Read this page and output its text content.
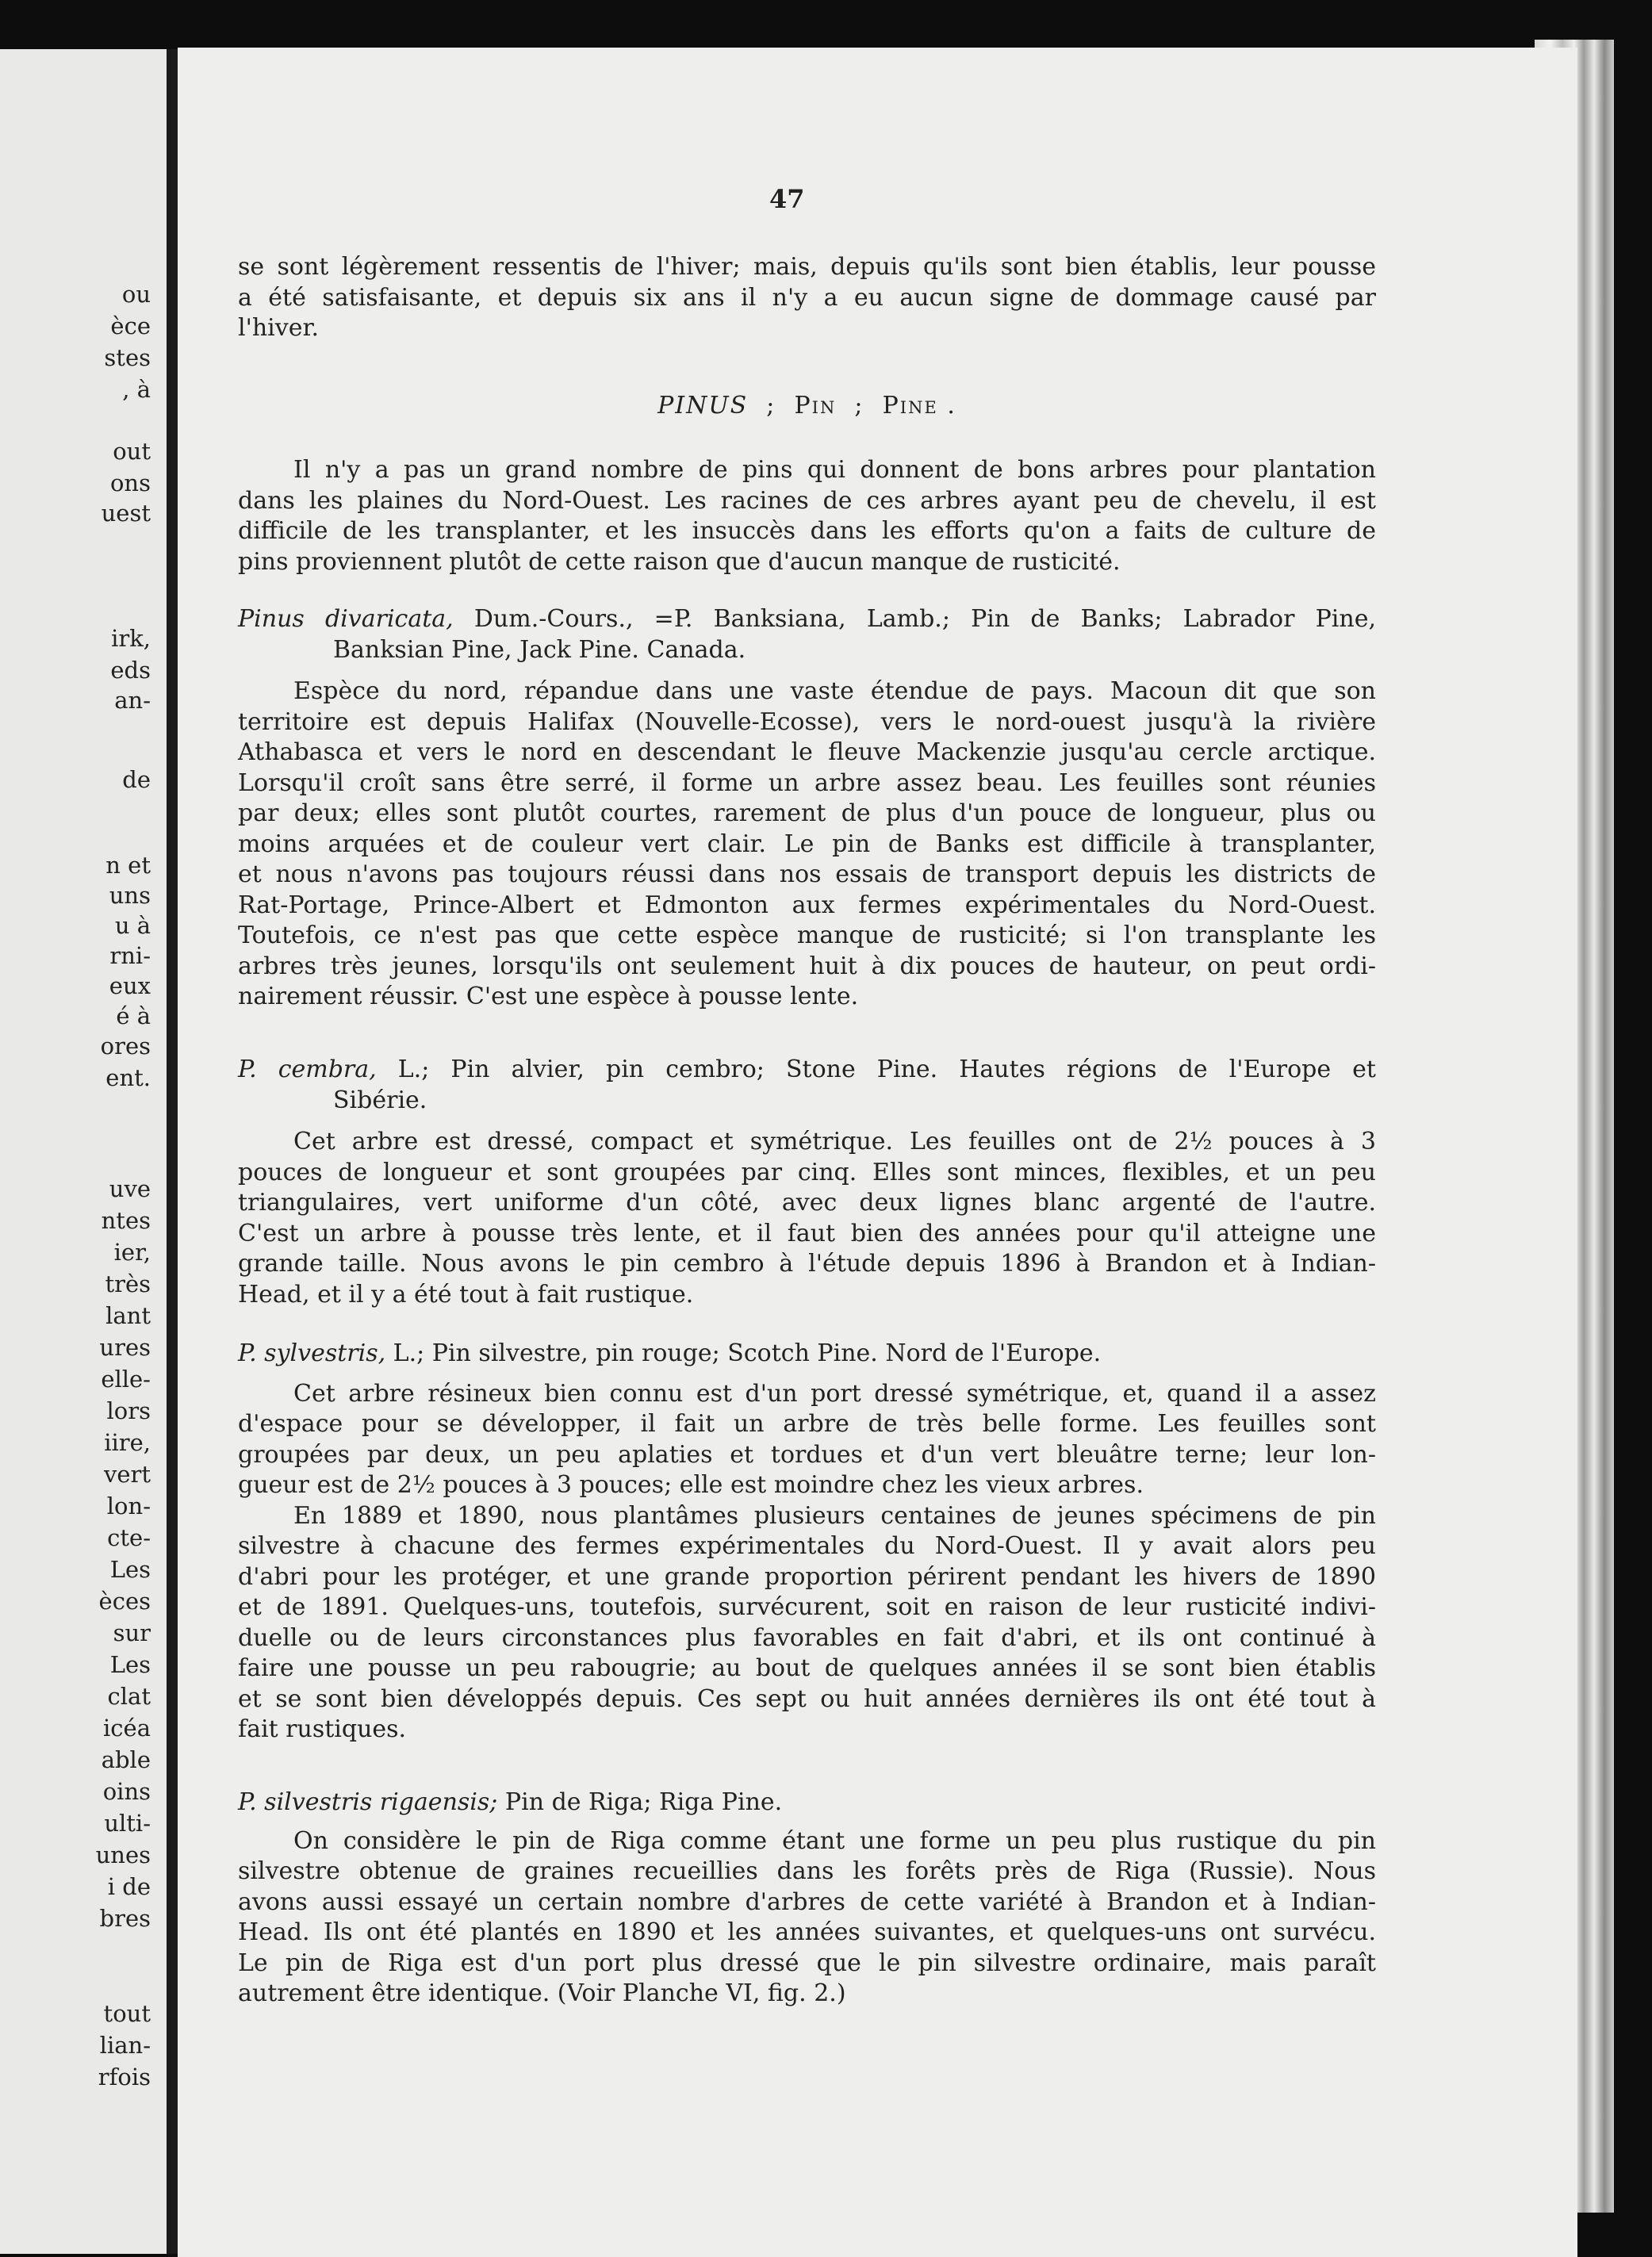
ou
èce
stes
, à
out
ons
uest
irk,
eds
an-
de
n et
uns
u à
rni-
eux
é à
ores
ent.
uve
ntes
ier,
très
lant
ures
elle-
lors
iire,
vert
lon-
cte-
Les
èces
sur
Les
clat
icéa
able
oins
ulti-
unes
i de
bres
tout
lian-
rfois
47
se sont légèrement ressentis de l'hiver; mais, depuis qu'ils sont bien établis, leur pousse
a été satisfaisante, et depuis six ans il n'y a eu aucun signe de dommage causé par
l'hiver.
PINUS  ;  Pin  ;  Pine .
Il n'y a pas un grand nombre de pins qui donnent de bons arbres pour plantation
dans les plaines du Nord-Ouest. Les racines de ces arbres ayant peu de chevelu, il est
difficile de les transplanter, et les insuccès dans les efforts qu'on a faits de culture de
pins proviennent plutôt de cette raison que d'aucun manque de rusticité.
Pinus divaricata, Dum.-Cours., =P. Banksiana, Lamb.; Pin de Banks; Labrador Pine,
Banksian Pine, Jack Pine. Canada.
Espèce du nord, répandue dans une vaste étendue de pays. Macoun dit que son
territoire est depuis Halifax (Nouvelle-Ecosse), vers le nord-ouest jusqu'à la rivière
Athabasca et vers le nord en descendant le fleuve Mackenzie jusqu'au cercle arctique.
Lorsqu'il croît sans être serré, il forme un arbre assez beau. Les feuilles sont réunies
par deux; elles sont plutôt courtes, rarement de plus d'un pouce de longueur, plus ou
moins arquées et de couleur vert clair. Le pin de Banks est difficile à transplanter,
et nous n'avons pas toujours réussi dans nos essais de transport depuis les districts de
Rat-Portage, Prince-Albert et Edmonton aux fermes expérimentales du Nord-Ouest.
Toutefois, ce n'est pas que cette espèce manque de rusticité; si l'on transplante les
arbres très jeunes, lorsqu'ils ont seulement huit à dix pouces de hauteur, on peut ordi-
nairement réussir. C'est une espèce à pousse lente.
P. cembra, L.; Pin alvier, pin cembro; Stone Pine. Hautes régions de l'Europe et
Sibérie.
Cet arbre est dressé, compact et symétrique. Les feuilles ont de 2½ pouces à 3
pouces de longueur et sont groupées par cinq. Elles sont minces, flexibles, et un peu
triangulaires, vert uniforme d'un côté, avec deux lignes blanc argenté de l'autre.
C'est un arbre à pousse très lente, et il faut bien des années pour qu'il atteigne une
grande taille. Nous avons le pin cembro à l'étude depuis 1896 à Brandon et à Indian-
Head, et il y a été tout à fait rustique.
P. sylvestris, L.; Pin silvestre, pin rouge; Scotch Pine. Nord de l'Europe.
Cet arbre résineux bien connu est d'un port dressé symétrique, et, quand il a assez
d'espace pour se développer, il fait un arbre de très belle forme. Les feuilles sont
groupées par deux, un peu aplaties et tordues et d'un vert bleuâtre terne; leur lon-
gueur est de 2½ pouces à 3 pouces; elle est moindre chez les vieux arbres.
En 1889 et 1890, nous plantâmes plusieurs centaines de jeunes spécimens de pin
silvestre à chacune des fermes expérimentales du Nord-Ouest. Il y avait alors peu
d'abri pour les protéger, et une grande proportion périrent pendant les hivers de 1890
et de 1891. Quelques-uns, toutefois, survécurent, soit en raison de leur rusticité indivi-
duelle ou de leurs circonstances plus favorables en fait d'abri, et ils ont continué à
faire une pousse un peu rabougrie; au bout de quelques années il se sont bien établis
et se sont bien développés depuis. Ces sept ou huit années dernières ils ont été tout à
fait rustiques.
P. silvestris rigaensis; Pin de Riga; Riga Pine.
On considère le pin de Riga comme étant une forme un peu plus rustique du pin
silvestre obtenue de graines recueillies dans les forêts près de Riga (Russie). Nous
avons aussi essayé un certain nombre d'arbres de cette variété à Brandon et à Indian-
Head. Ils ont été plantés en 1890 et les années suivantes, et quelques-uns ont survécu.
Le pin de Riga est d'un port plus dressé que le pin silvestre ordinaire, mais paraît
autrement être identique. (Voir Planche VI, fig. 2.)
